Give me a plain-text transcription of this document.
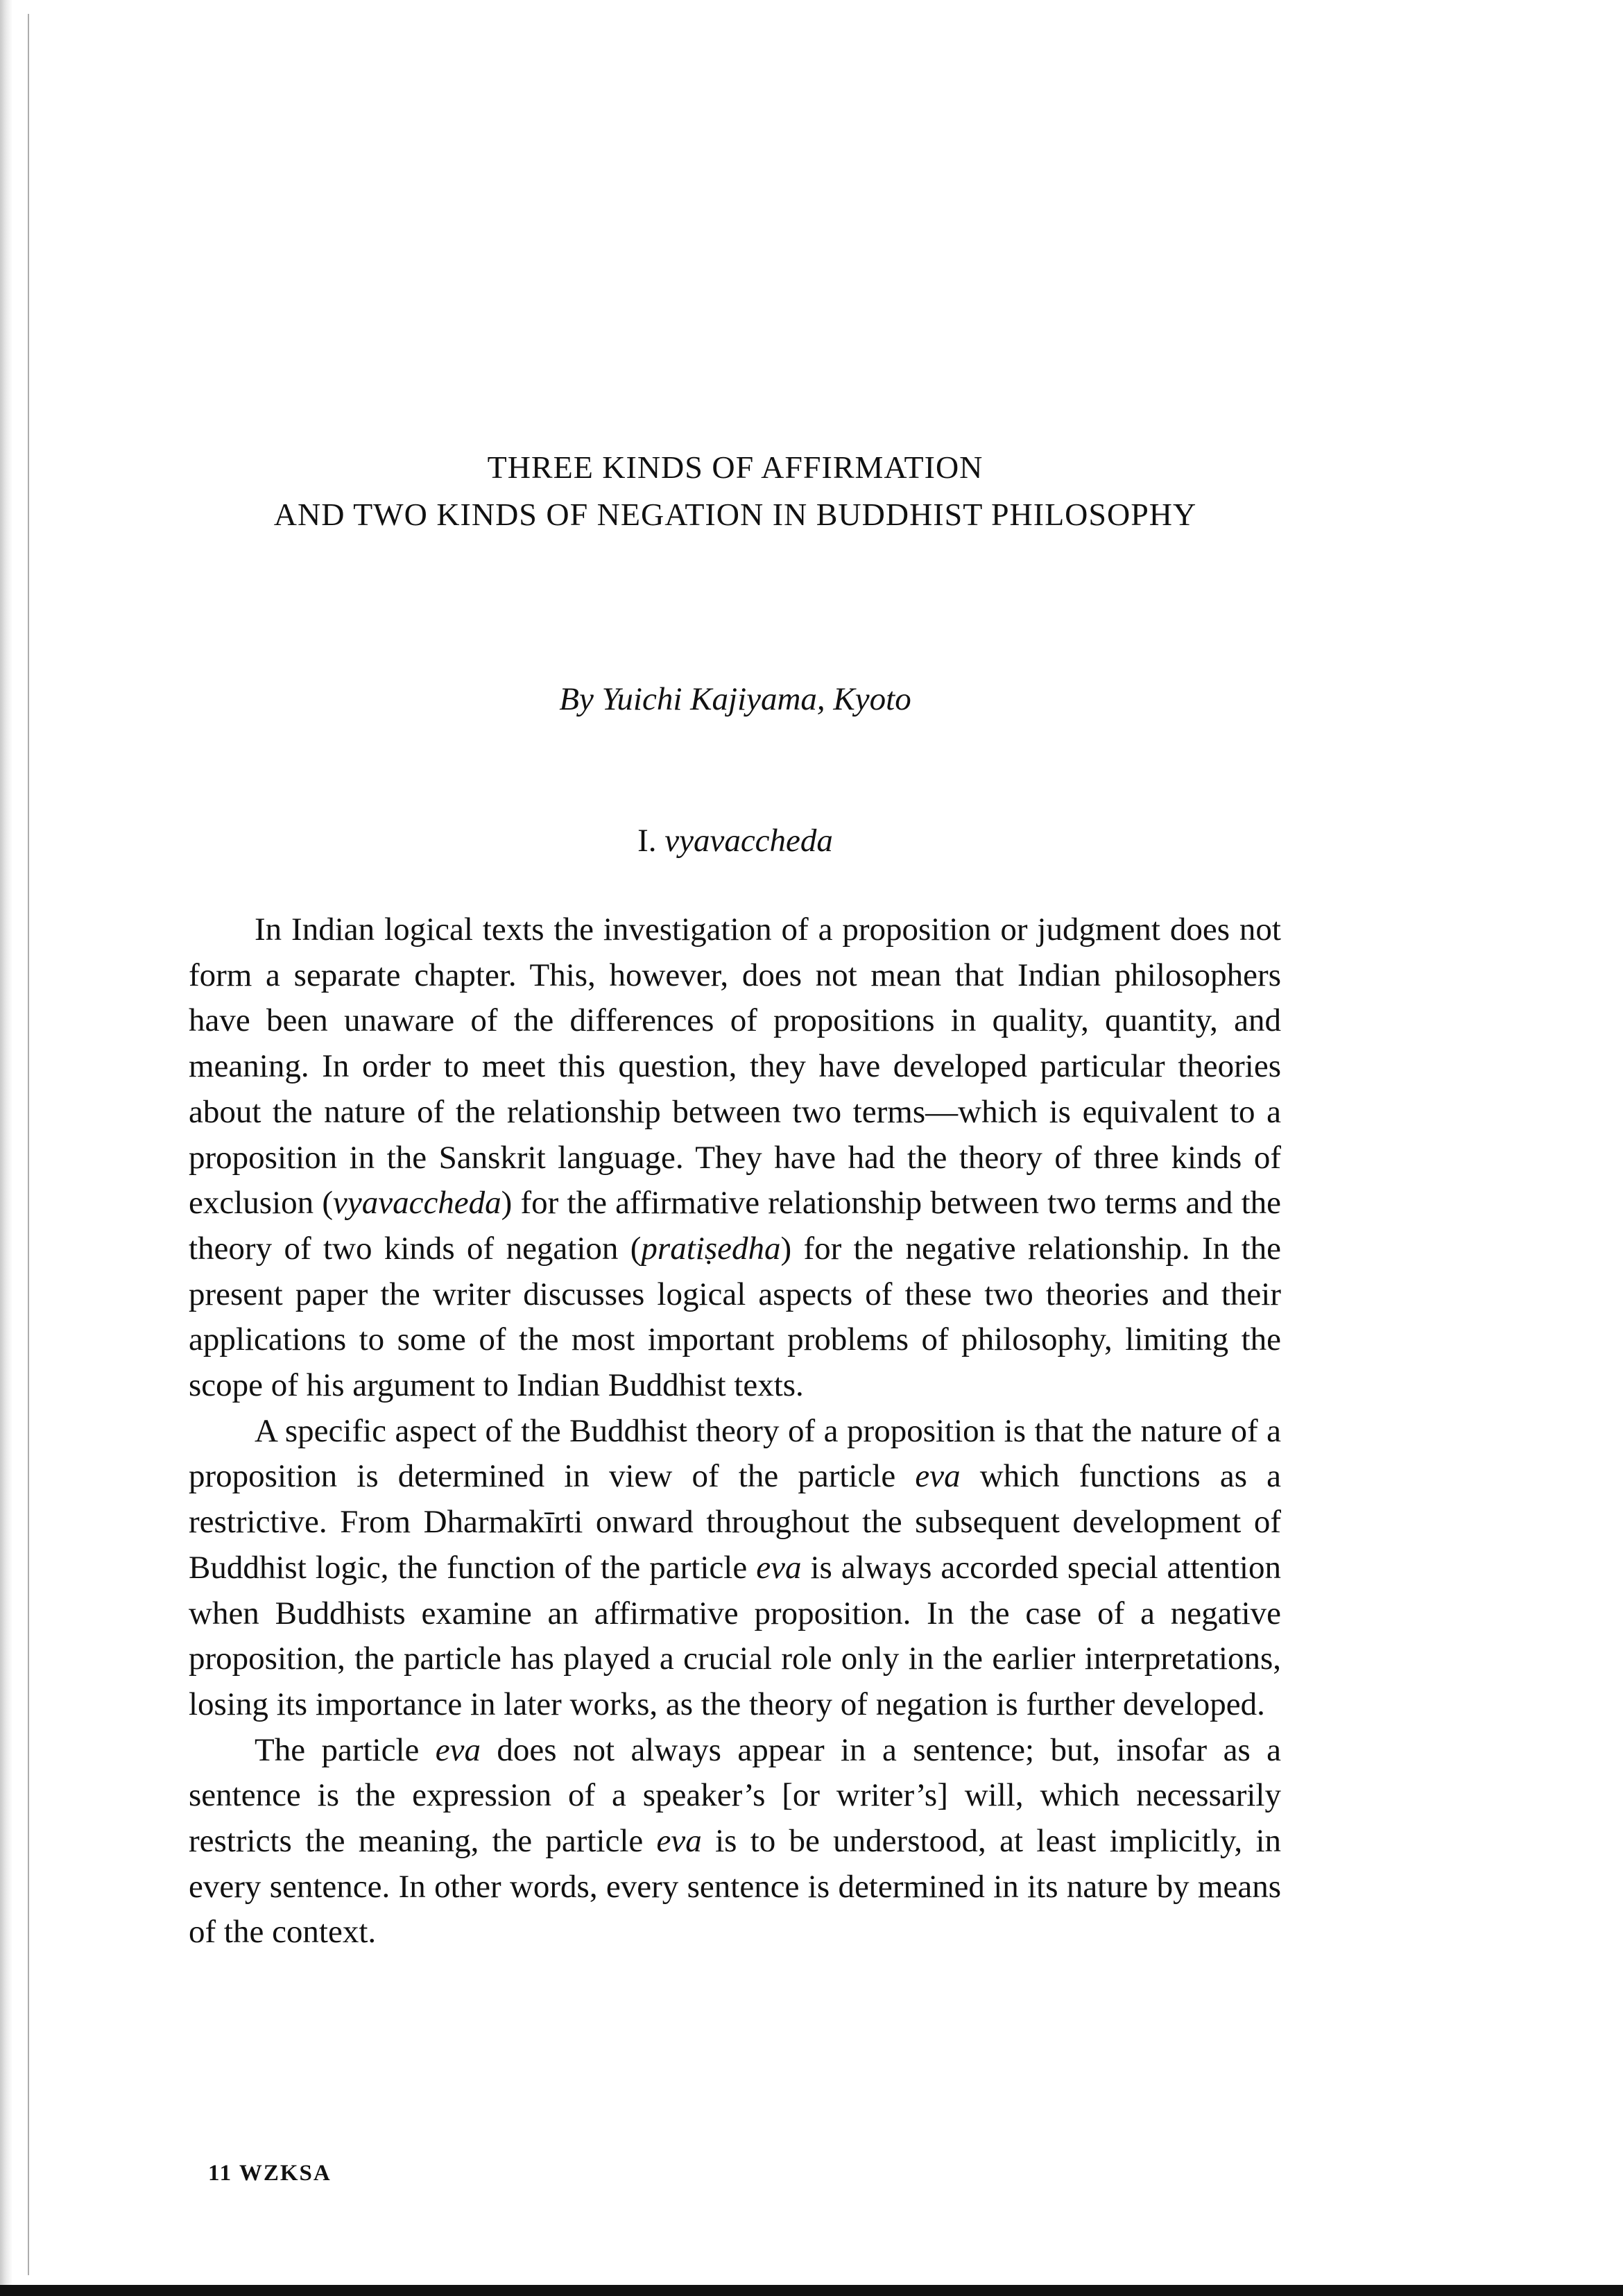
THREE KINDS OF AFFIRMATION
AND TWO KINDS OF NEGATION IN BUDDHIST PHILOSOPHY
By Yuichi Kajiyama, Kyoto
I. vyavaccheda

In Indian logical texts the investigation of a proposition or judgment does not form a separate chapter. This, however, does not mean that Indian philosophers have been unaware of the differences of propositions in quality, quantity, and meaning. In order to meet this question, they have developed particular theories about the nature of the relationship between two terms—which is equivalent to a proposition in the Sanskrit language. They have had the theory of three kinds of exclusion (vyavaccheda) for the affirmative relationship between two terms and the theory of two kinds of negation (pratiṣedha) for the negative relationship. In the present paper the writer discusses logical aspects of these two theories and their applications to some of the most important problems of philosophy, limiting the scope of his argument to Indian Buddhist texts.

A specific aspect of the Buddhist theory of a proposition is that the nature of a proposition is determined in view of the particle eva which functions as a restrictive. From Dharmakīrti onward throughout the subsequent development of Buddhist logic, the function of the particle eva is always accorded special attention when Buddhists examine an affirmative proposition. In the case of a negative proposition, the particle has played a crucial role only in the earlier interpretations, losing its importance in later works, as the theory of negation is further developed.

The particle eva does not always appear in a sentence; but, insofar as a sentence is the expression of a speaker’s [or writer’s] will, which necessarily restricts the meaning, the particle eva is to be understood, at least implicitly, in every sentence. In other words, every sentence is determined in its nature by means of the context.

11 WZKSA
